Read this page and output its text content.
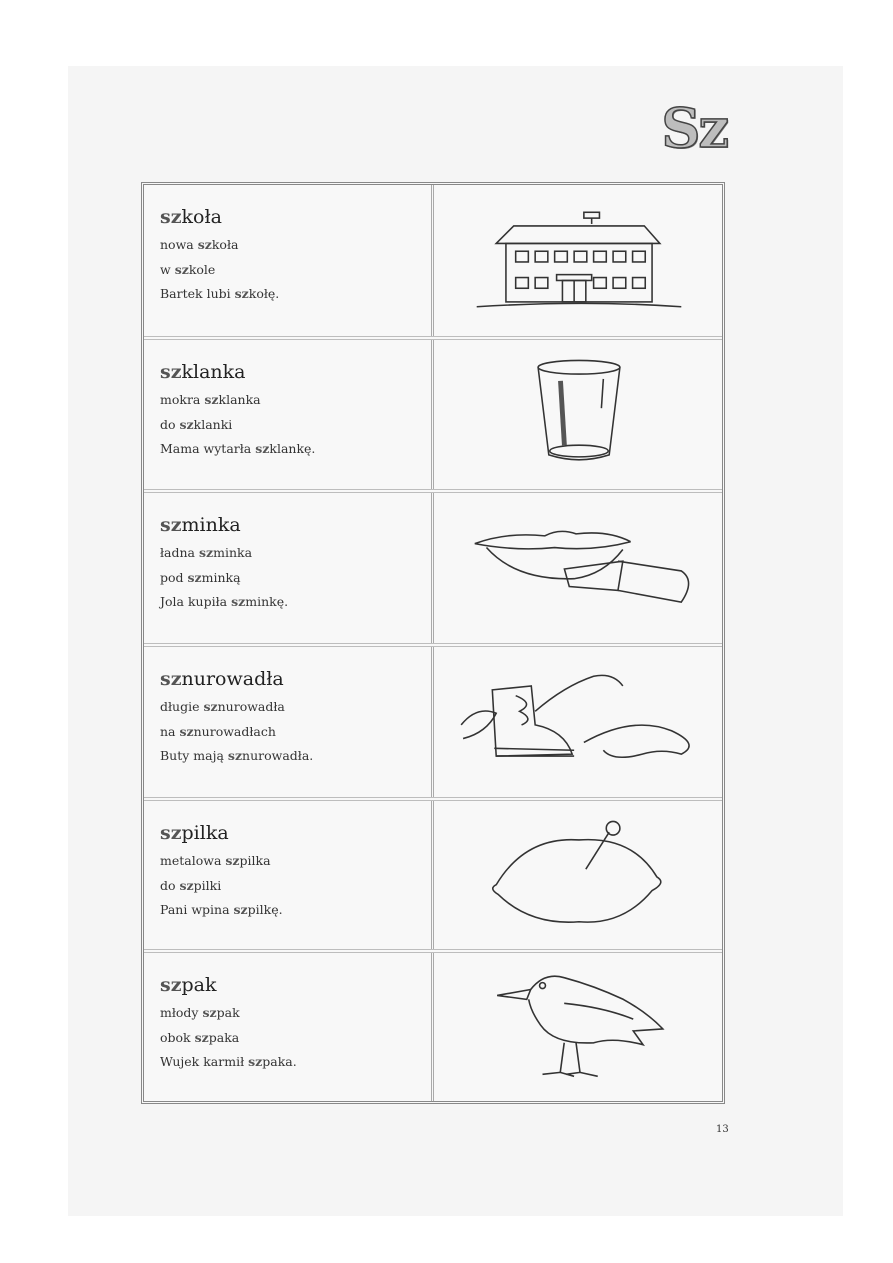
Sz
szkoła
nowa szkoła
w szkole
Bartek lubi szkołę.
szklanka
mokra szklanka
do szklanki
Mama wytarła szklankę.
szminka
ładna szminka
pod szminką
Jola kupiła szminkę.
sznurowadła
długie sznurowadła
na sznurowadłach
Buty mają sznurowadła.
szpilka
metalowa szpilka
do szpilki
Pani wpina szpilkę.
szpak
młody szpak
obok szpaka
Wujek karmił szpaka.
13
